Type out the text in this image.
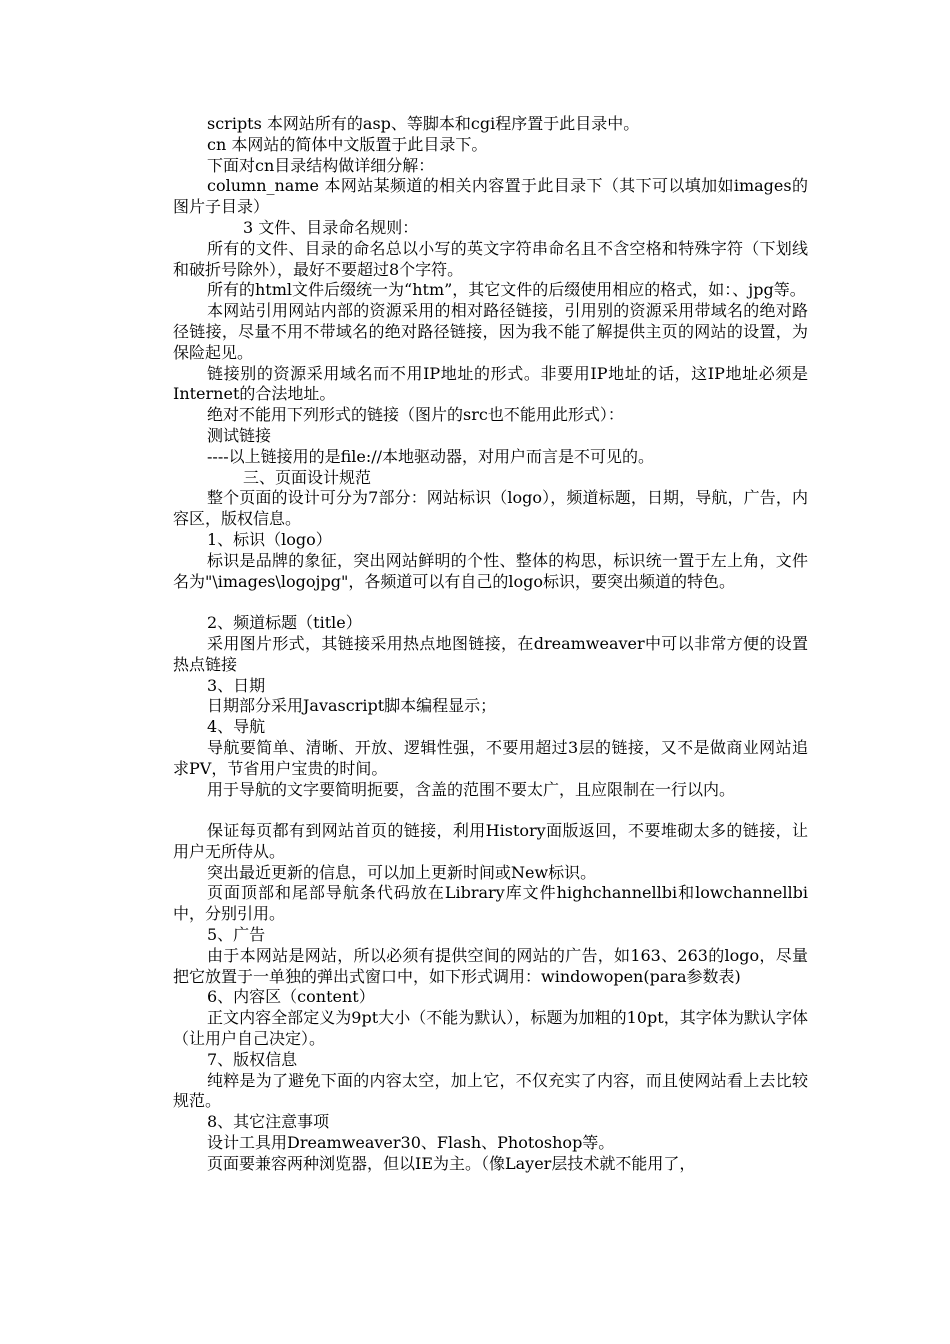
scripts 本网站所有的asp、等脚本和cgi程序置于此目录中。

cn 本网站的简体中文版置于此目录下。

下面对cn目录结构做详细分解：

column_name 本网站某频道的相关内容置于此目录下（其下可以填加如images的图片子目录）

3 文件、目录命名规则：

所有的文件、目录的命名总以小写的英文字符串命名且不含空格和特殊字符（下划线和破折号除外），最好不要超过8个字符。

所有的html文件后缀统一为“htm”，其它文件的后缀使用相应的格式，如：、jpg等。

本网站引用网站内部的资源采用的相对路径链接，引用别的资源采用带域名的绝对路径链接，尽量不用不带域名的绝对路径链接，因为我不能了解提供主页的网站的设置，为保险起见。

链接别的资源采用域名而不用IP地址的形式。非要用IP地址的话，这IP地址必须是Internet的合法地址。

绝对不能用下列形式的链接（图片的src也不能用此形式）：

测试链接

----以上链接用的是file://本地驱动器，对用户而言是不可见的。

三、页面设计规范

整个页面的设计可分为7部分：网站标识（logo），频道标题，日期，导航，广告，内容区，版权信息。

1、标识（logo）

标识是品牌的象征，突出网站鲜明的个性、整体的构思，标识统一置于左上角，文件名为"\images\logojpg"，各频道可以有自己的logo标识，要突出频道的特色。

2、频道标题（title）

采用图片形式，其链接采用热点地图链接，在dreamweaver中可以非常方便的设置热点链接

3、日期

日期部分采用Javascript脚本编程显示；

4、导航

导航要简单、清晰、开放、逻辑性强，不要用超过3层的链接，又不是做商业网站追求PV，节省用户宝贵的时间。

用于导航的文字要简明扼要，含盖的范围不要太广，且应限制在一行以内。

保证每页都有到网站首页的链接，利用History面版返回，不要堆砌太多的链接，让用户无所侍从。

突出最近更新的信息，可以加上更新时间或New标识。

页面顶部和尾部导航条代码放在Library库文件highchannellbi和lowchannellbi中，分别引用。

5、广告

由于本网站是网站，所以必须有提供空间的网站的广告，如163、263的logo，尽量把它放置于一单独的弹出式窗口中，如下形式调用：windowopen(para参数表)

6、内容区（content）

正文内容全部定义为9pt大小（不能为默认），标题为加粗的10pt，其字体为默认字体（让用户自己决定）。

7、版权信息

纯粹是为了避免下面的内容太空，加上它，不仅充实了内容，而且使网站看上去比较规范。

8、其它注意事项

设计工具用Dreamweaver30、Flash、Photoshop等。

页面要兼容两种浏览器，但以IE为主。（像Layer层技术就不能用了，
